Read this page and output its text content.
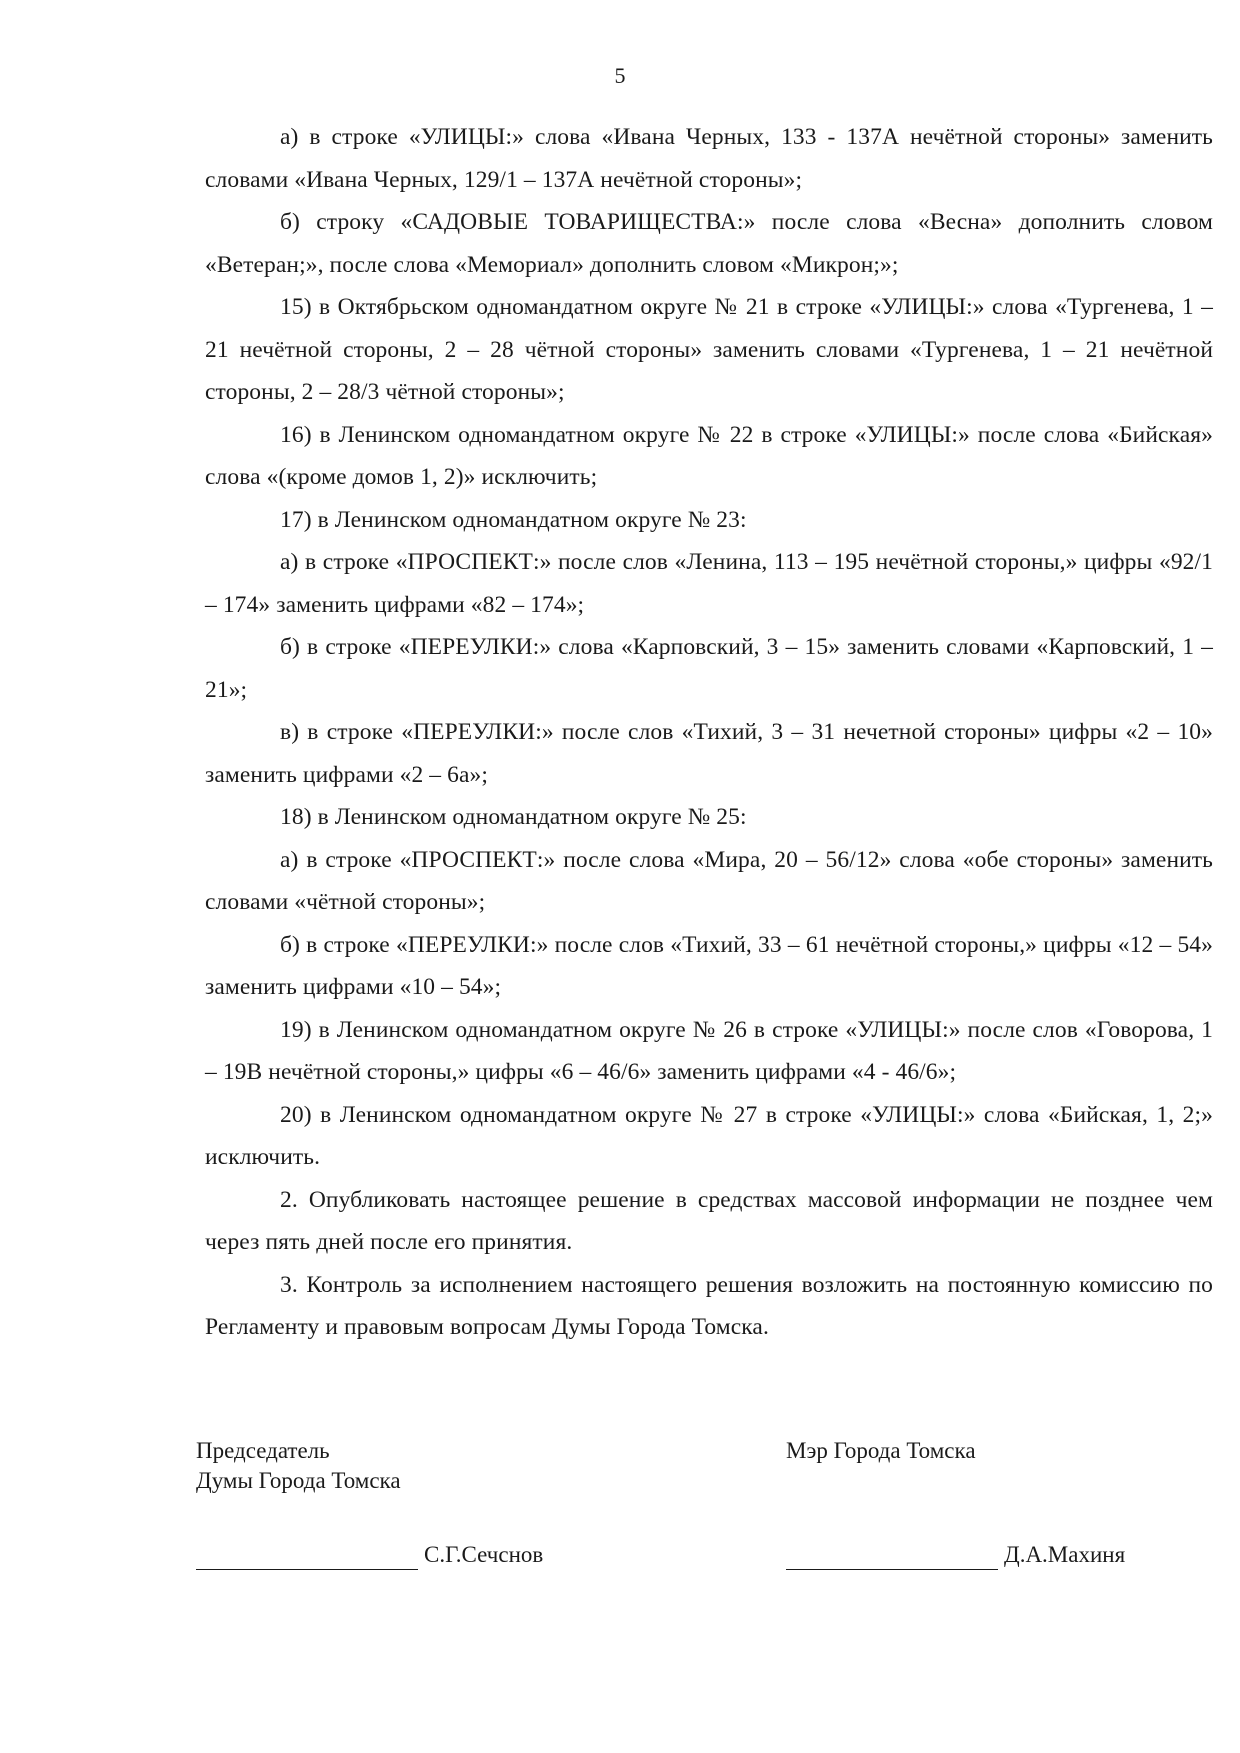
5

а) в строке «УЛИЦЫ:» слова «Ивана Черных, 133 - 137А нечётной стороны» заменить словами «Ивана Черных, 129/1 – 137А нечётной стороны»;

б) строку «САДОВЫЕ ТОВАРИЩЕСТВА:» после слова «Весна» дополнить словом «Ветеран;», после слова «Мемориал» дополнить словом «Микрон;»;

15) в Октябрьском одномандатном округе № 21 в строке «УЛИЦЫ:» слова «Тургенева, 1 – 21 нечётной стороны, 2 – 28 чётной стороны» заменить словами «Тургенева, 1 – 21 нечётной стороны, 2 – 28/3 чётной стороны»;

16) в Ленинском одномандатном округе № 22 в строке «УЛИЦЫ:» после слова «Бийская» слова «(кроме домов 1, 2)» исключить;

17) в Ленинском одномандатном округе № 23:

а) в строке «ПРОСПЕКТ:» после слов «Ленина, 113 – 195 нечётной стороны,» цифры «92/1 – 174» заменить цифрами «82 – 174»;

б) в строке «ПЕРЕУЛКИ:» слова «Карповский, 3 – 15» заменить словами «Карповский, 1 – 21»;

в) в строке «ПЕРЕУЛКИ:» после слов «Тихий, 3 – 31 нечетной стороны» цифры «2 – 10» заменить цифрами «2 – 6а»;

18) в Ленинском одномандатном округе № 25:

а) в строке «ПРОСПЕКТ:» после слова «Мира, 20 – 56/12» слова «обе стороны» заменить словами «чётной стороны»;

б) в строке «ПЕРЕУЛКИ:» после слов «Тихий, 33 – 61 нечётной стороны,» цифры «12 – 54» заменить цифрами «10 – 54»;

19) в Ленинском одномандатном округе № 26 в строке «УЛИЦЫ:» после слов «Говорова, 1 – 19В нечётной стороны,» цифры «6 – 46/6» заменить цифрами «4 - 46/6»;

20) в Ленинском одномандатном округе № 27 в строке «УЛИЦЫ:» слова «Бийская, 1, 2;» исключить.

2. Опубликовать настоящее решение в средствах массовой информации не позднее чем через пять дней после его принятия.

3. Контроль за исполнением настоящего решения возложить на постоянную комиссию по Регламенту и правовым вопросам Думы Города Томска.

Председатель
Думы Города Томска
Мэр Города Томска
С.Г.Сечснов	Д.А.Махиня
